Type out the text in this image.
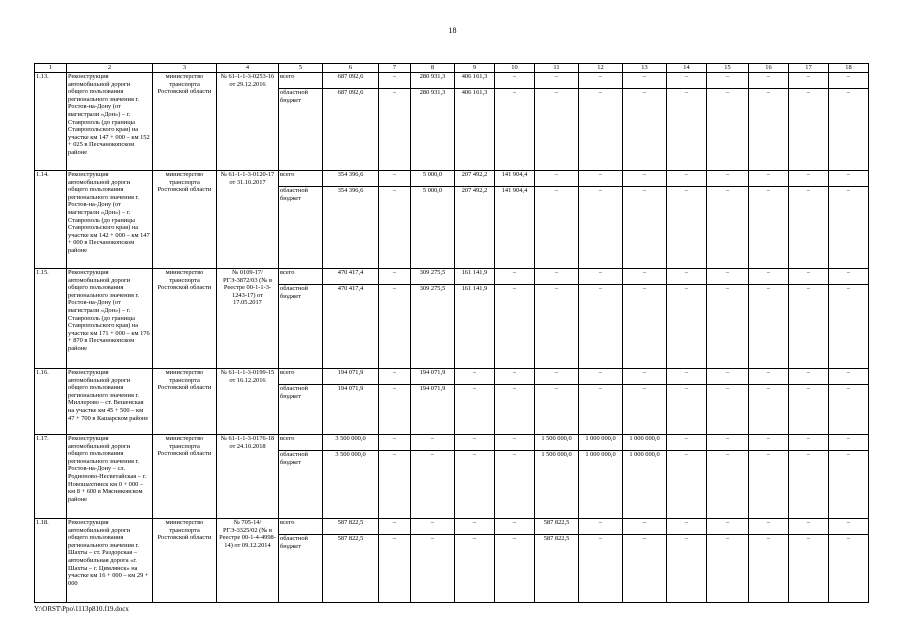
18
1	2	3	4	5	6	7	8	9	10	11	12	13	14	15	16	17	18
1.13.	Реконструкция автомобильной дороги общего пользования регионального значения г. Ростов-на-Дону (от магистрали «Дон») – г. Ставрополь (до границы Ставропольского края) на участке км 147 + 000 – км 152 + 025 в Песчанокопском районе	министерство транспорта Ростовской области	№ 61-1-1-3-0253-16 от 29.12.2016	всего	687 092,6	–	280 931,3	406 161,3	–	–	–	–	–	–	–	–	–
				областной бюджет	687 092,6	–	280 931,3	406 161,3	–	–	–	–	–	–	–	–	–
1.14.	Реконструкция автомобильной дороги общего пользования регионального значения г. Ростов-на-Дону (от магистрали «Дон») – г. Ставрополь (до границы Ставропольского края) на участке км 142 + 000 – км 147 + 000 в Песчанокопском районе	министерство транспорта Ростовской области	№ 61-1-1-3-0120-17 от 31.10.2017	всего	354 396,6	–	5 000,0	207 492,2	141 904,4	–	–	–	–	–	–	–	–
				областной бюджет	354 396,6	–	5 000,0	207 492,2	141 904,4	–	–	–	–	–	–	–	–
1.15.	Реконструкция автомобильной дороги общего пользования регионального значения г. Ростов-на-Дону (от магистрали «Дон») – г. Ставрополь (до границы Ставропольского края) на участке км 171 + 000 – км 176 + 870 в Песчанокопском районе	министерство транспорта Ростовской области	№ 0109-17/РГЭ-3872/03 (№ в Реестре 00-1-1-3-1243-17) от 17.05.2017	всего	470 417,4	–	309 275,5	161 141,9	–	–	–	–	–	–	–	–	–
				областной бюджет	470 417,4	–	309 275,5	161 141,9	–	–	–	–	–	–	–	–	–
1.16.	Реконструкция автомобильной дороги общего пользования регионального значения г. Миллерово – ст. Вешенская на участке км 45 + 500 – км 47 + 700 в Кашарском районе	министерство транспорта Ростовской области	№ 61-1-1-3-0199-15 от 16.12.2016	всего	194 071,9	–	194 071,9	–	–	–	–	–	–	–	–	–	–
				областной бюджет	194 071,9	–	194 071,9	–	–	–	–	–	–	–	–	–	–
1.17.	Реконструкция автомобильной дороги общего пользования регионального значения г. Ростов-на-Дону – сл. Родионово-Несветайская – г. Новошахтинск км 0 + 000 – км 8 + 600 в Мясниковском районе	министерство транспорта Ростовской области	№ 61-1-1-3-0176-18 от 24.10.2018	всего	3 500 000,0	–	–	–	–	1 500 000,0	1 000 000,0	1 000 000,0	–	–	–	–	–
				областной бюджет	3 500 000,0	–	–	–	–	1 500 000,0	1 000 000,0	1 000 000,0	–	–	–	–	–
1.18.	Реконструкция автомобильной дороги общего пользования регионального значения г. Шахты – ст. Раздорская – автомобильная дорога «г. Шахты – г. Цимлянск» на участке км 16 + 000 – км 29 + 000	министерство транспорта Ростовской области	№ 705-14/РГЭ-3325/02 (№ в Реестре 00-1-4-4998-14) от 09.12.2014	всего	587 822,5	–	–	–	–	587 822,5	–	–	–	–	–	–	–
				областной бюджет	587 822,5	–	–	–	–	587 822,5	–	–	–	–	–	–	–
Y:\ORST\Ppo\1113p810.f19.docx
